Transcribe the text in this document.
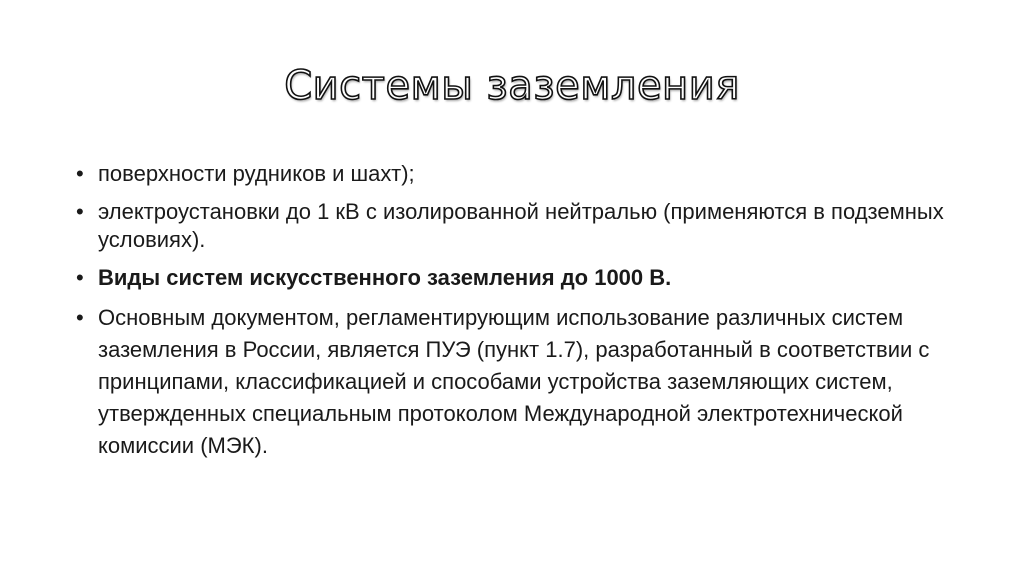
Системы заземления
• поверхности рудников и шахт);
• электроустановки до 1 кВ с изолированной нейтралью (применяются в подземных условиях).
• Виды систем искусственного заземления до 1000 В.
• Основным документом, регламентирующим использование различных систем заземления в России, является ПУЭ (пункт 1.7), разработанный в соответствии с принципами, классификацией и способами устройства заземляющих систем, утвержденных специальным протоколом Международной электротехнической комиссии (МЭК).
